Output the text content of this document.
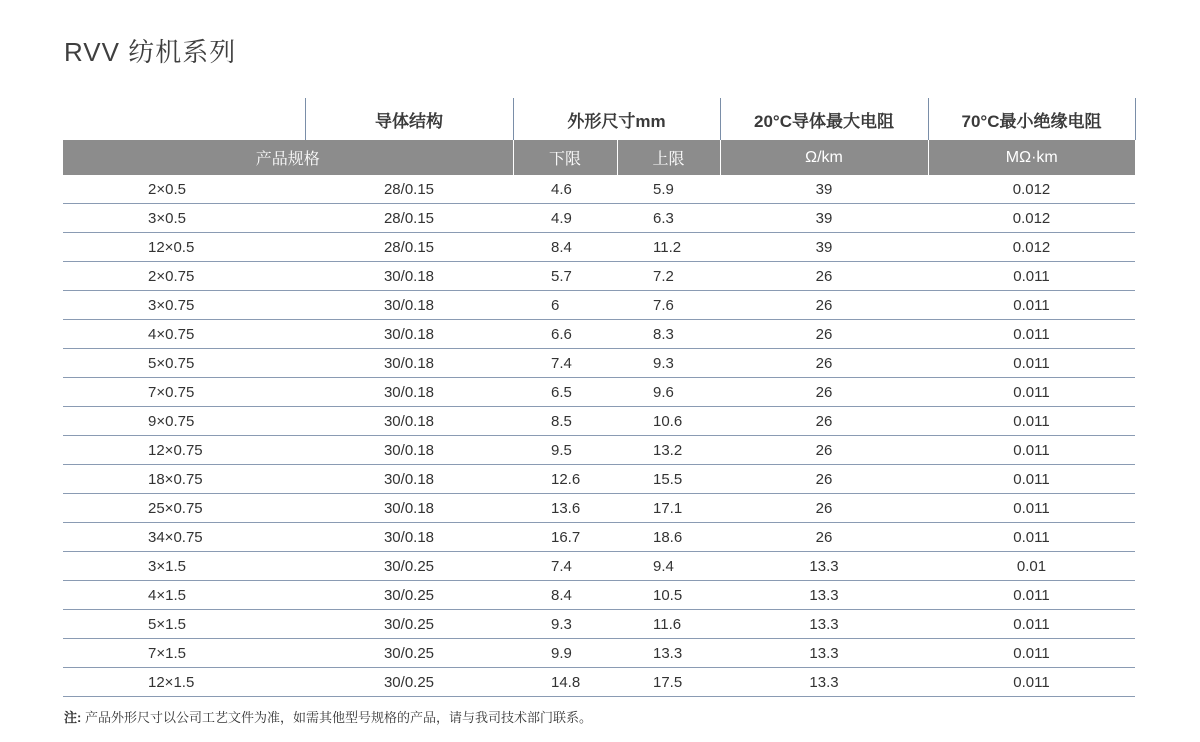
RVV 纺机系列
	导体结构	外形尺寸mm		20°C导体最大电阻	70°C最小绝缘电阻
产品规格		下限	上限	Ω/km	MΩ·km
2×0.5	28/0.15	4.6	5.9	39	0.012
3×0.5	28/0.15	4.9	6.3	39	0.012
12×0.5	28/0.15	8.4	11.2	39	0.012
2×0.75	30/0.18	5.7	7.2	26	0.011
3×0.75	30/0.18	6	7.6	26	0.011
4×0.75	30/0.18	6.6	8.3	26	0.011
5×0.75	30/0.18	7.4	9.3	26	0.011
7×0.75	30/0.18	6.5	9.6	26	0.011
9×0.75	30/0.18	8.5	10.6	26	0.011
12×0.75	30/0.18	9.5	13.2	26	0.011
18×0.75	30/0.18	12.6	15.5	26	0.011
25×0.75	30/0.18	13.6	17.1	26	0.011
34×0.75	30/0.18	16.7	18.6	26	0.011
3×1.5	30/0.25	7.4	9.4	13.3	0.01
4×1.5	30/0.25	8.4	10.5	13.3	0.011
5×1.5	30/0.25	9.3	11.6	13.3	0.011
7×1.5	30/0.25	9.9	13.3	13.3	0.011
12×1.5	30/0.25	14.8	17.5	13.3	0.011
注: 产品外形尺寸以公司工艺文件为准，如需其他型号规格的产品，请与我司技术部门联系。
